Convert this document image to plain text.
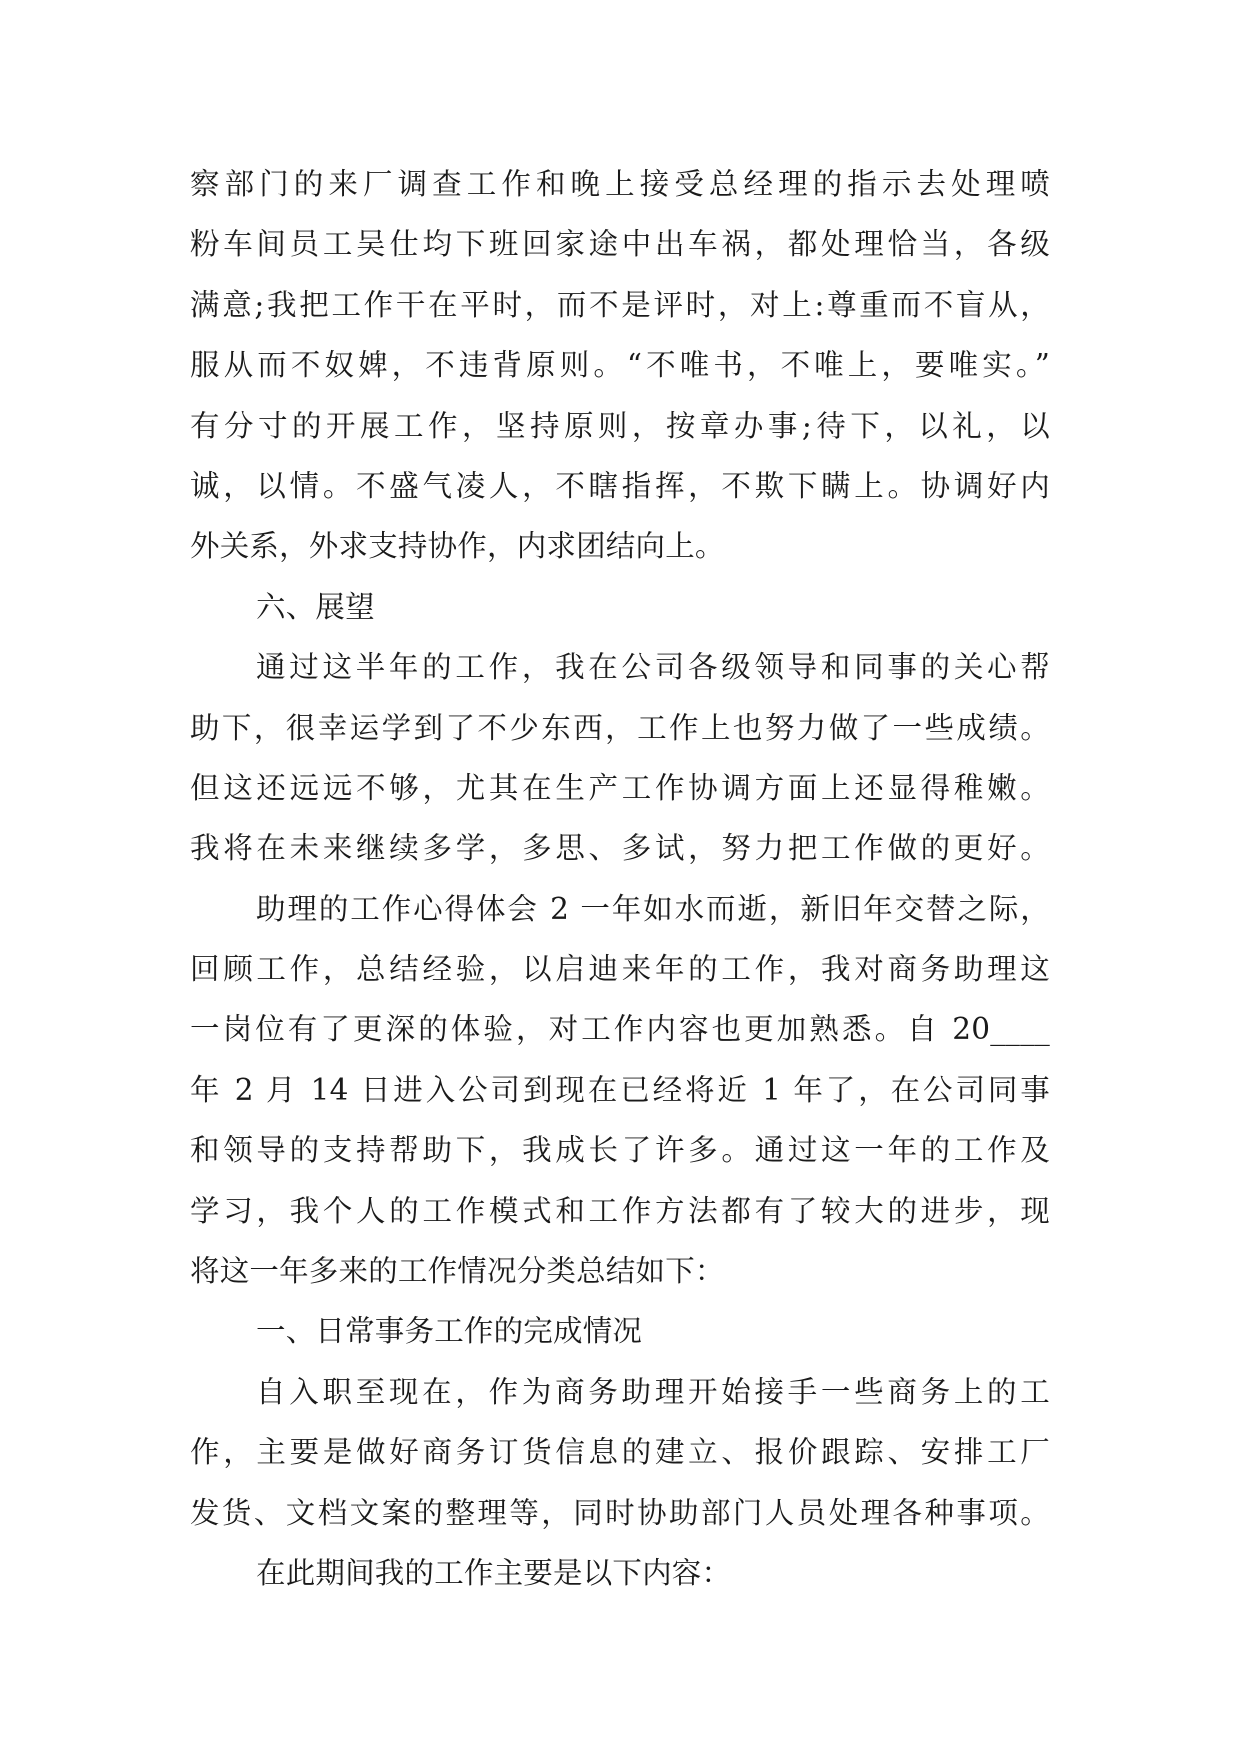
察部门的来厂调查工作和晚上接受总经理的指示去处理喷
粉车间员工吴仕均下班回家途中出车祸，都处理恰当，各级
满意;我把工作干在平时，而不是评时，对上:尊重而不盲从，
服从而不奴婢，不违背原则。“不唯书，不唯上，要唯实。”
有分寸的开展工作，坚持原则，按章办事;待下，以礼，以
诚，以情。不盛气凌人，不瞎指挥，不欺下瞒上。协调好内
外关系，外求支持协作，内求团结向上。
六、展望
通过这半年的工作，我在公司各级领导和同事的关心帮
助下，很幸运学到了不少东西，工作上也努力做了一些成绩。
但这还远远不够，尤其在生产工作协调方面上还显得稚嫩。
我将在未来继续多学，多思、多试，努力把工作做的更好。
助理的工作心得体会 2 一年如水而逝，新旧年交替之际，
回顾工作，总结经验，以启迪来年的工作，我对商务助理这
一岗位有了更深的体验，对工作内容也更加熟悉。自 20____
年 2 月 14 日进入公司到现在已经将近 1 年了，在公司同事
和领导的支持帮助下，我成长了许多。通过这一年的工作及
学习，我个人的工作模式和工作方法都有了较大的进步，现
将这一年多来的工作情况分类总结如下：
一、日常事务工作的完成情况
自入职至现在，作为商务助理开始接手一些商务上的工
作，主要是做好商务订货信息的建立、报价跟踪、安排工厂
发货、文档文案的整理等，同时协助部门人员处理各种事项。
在此期间我的工作主要是以下内容：
